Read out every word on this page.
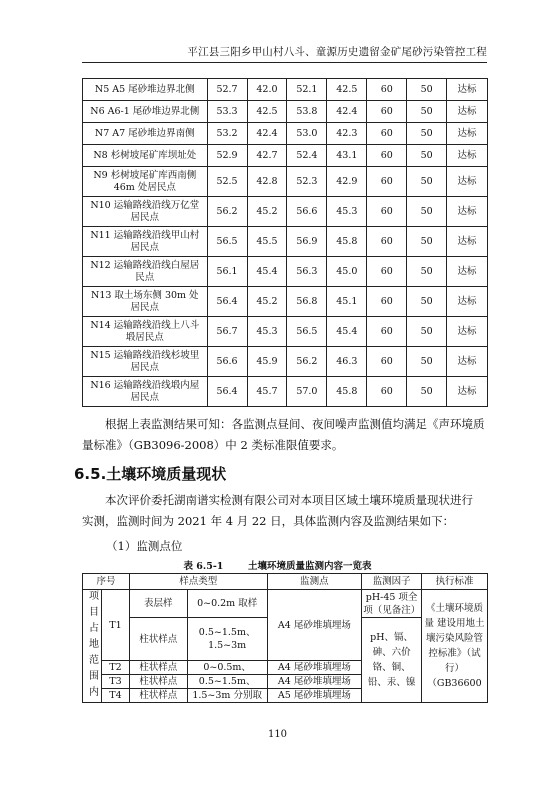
平江县三阳乡甲山村八斗、童源历史遗留金矿尾砂污染管控工程
N5 A5 尾砂堆边界北侧	52.7	42.0	52.1	42.5	60	50	达标
N6 A6-1 尾砂堆边界北侧	53.3	42.5	53.8	42.4	60	50	达标
N7 A7 尾砂堆边界南侧	53.2	42.4	53.0	42.3	60	50	达标
N8 杉树坡尾矿库坝址处	52.9	42.7	52.4	43.1	60	50	达标
N9 杉树坡尾矿库西南侧 46m 处居民点	52.5	42.8	52.3	42.9	60	50	达标
N10 运输路线沿线万亿堂居民点	56.2	45.2	56.6	45.3	60	50	达标
N11 运输路线沿线甲山村居民点	56.5	45.5	56.9	45.8	60	50	达标
N12 运输路线沿线白屋居民点	56.1	45.4	56.3	45.0	60	50	达标
N13 取土场东侧 30m 处居民点	56.4	45.2	56.8	45.1	60	50	达标
N14 运输路线沿线上八斗塅居民点	56.7	45.3	56.5	45.4	60	50	达标
N15 运输路线沿线杉坡里居民点	56.6	45.9	56.2	46.3	60	50	达标
N16 运输路线沿线塅内屋居民点	56.4	45.7	57.0	45.8	60	50	达标
根据上表监测结果可知：各监测点昼间、夜间噪声监测值均满足《声环境质
量标准》（GB3096-2008）中 2 类标准限值要求。
6.5.土壤环境质量现状
本次评价委托湖南谱实检测有限公司对本项目区域土壤环境质量现状进行
实测，监测时间为 2021 年 4 月 22 日，具体监测内容及监测结果如下：
（1）监测点位
表 6.5-1	土壤环境质量监测内容一览表
序号		样点类型		监测点	监测因子	执行标准
项目占地范围内	T1	表层样	0~0.2m 取样	A4 尾砂堆填埋场	pH-45 项全项（见备注）	《土壤环境质量 建设用地土壤污染风险管控标准》（试行）（GB36600
		柱状样点	0.5~1.5m、1.5~3m		pH、镉、砷、六价铬、铜、铅、汞、镍	
	T2	柱状样点	0~0.5m、	A4 尾砂堆填埋场		
	T3	柱状样点	0.5~1.5m、	A4 尾砂堆填埋场		
	T4	柱状样点	1.5~3m 分别取	A5 尾砂堆填埋场		
110
